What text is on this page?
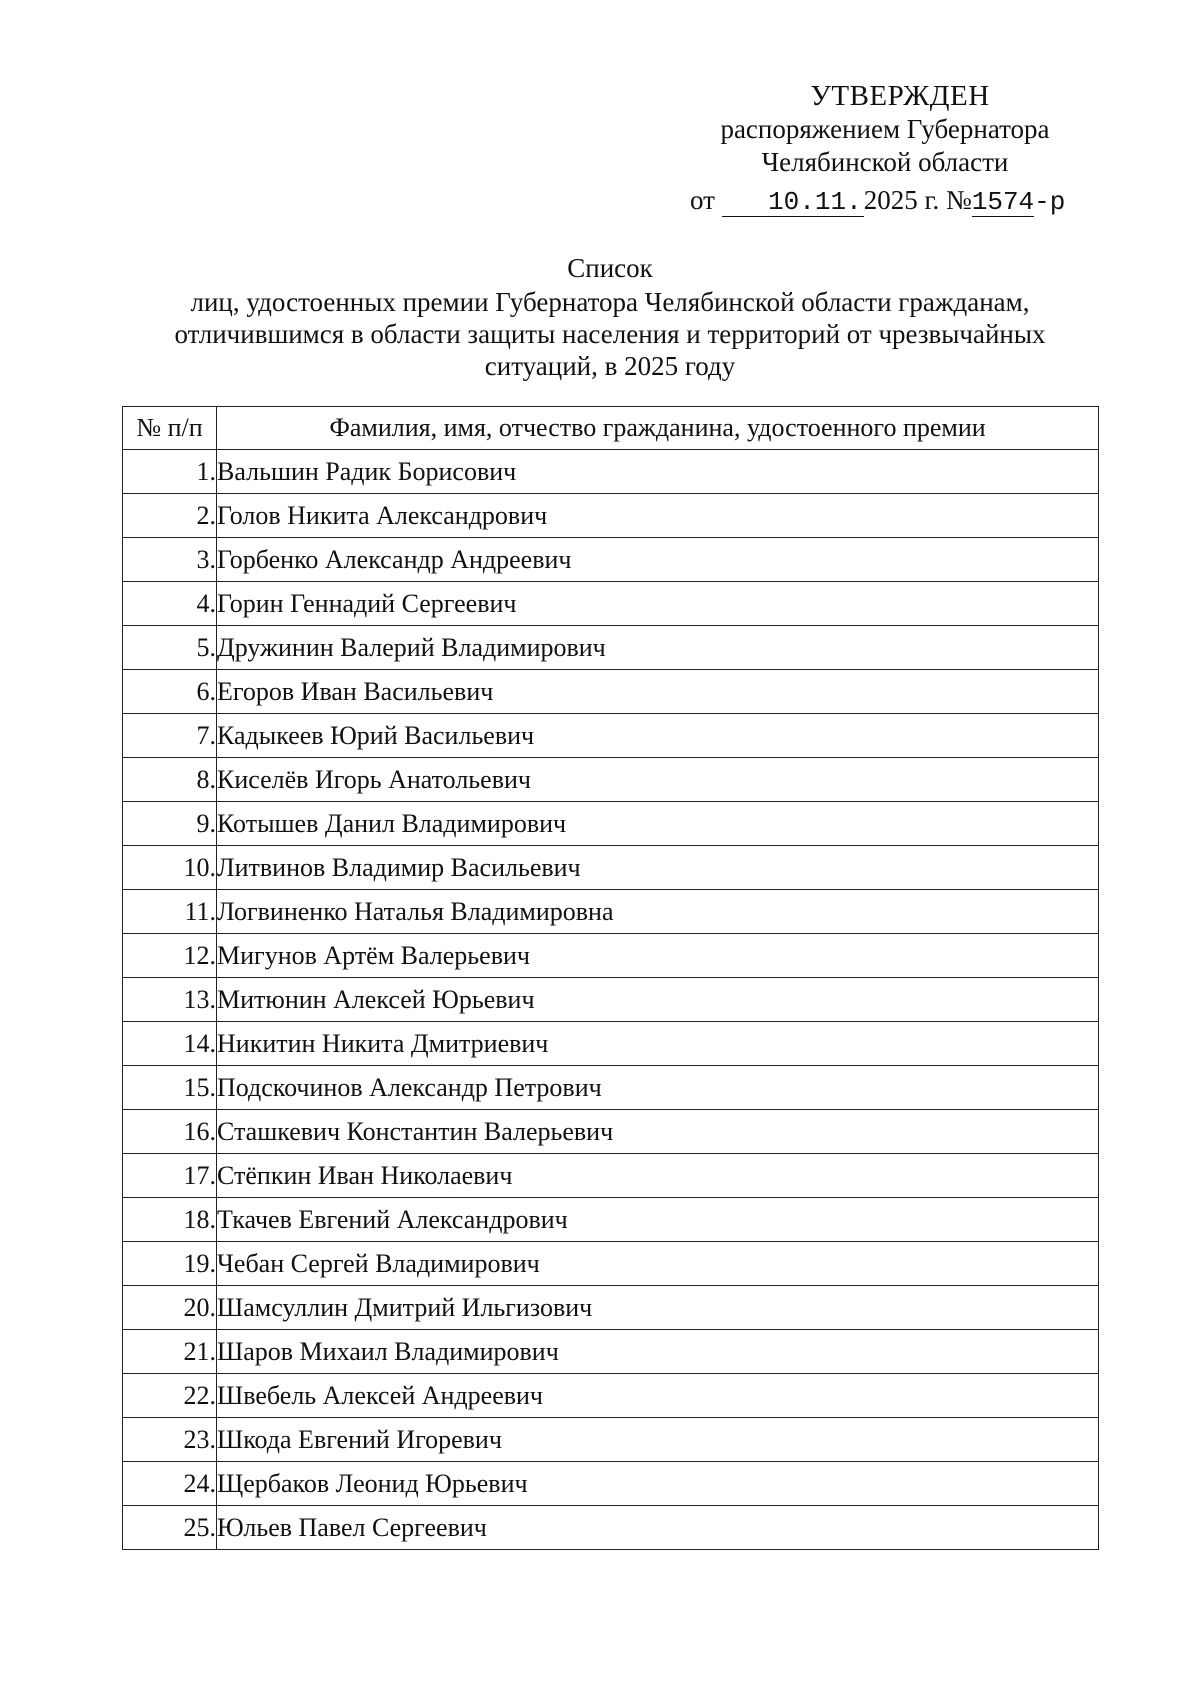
УТВЕРЖДЕН
распоряжением Губернатора
Челябинской области
от 10.11.2025 г. №1574-р
Список
лиц, удостоенных премии Губернатора Челябинской области гражданам,
отличившимся в области защиты населения и территорий от чрезвычайных
ситуаций, в 2025 году
№ п/п	Фамилия, имя, отчество гражданина, удостоенного премии
1.	Вальшин Радик Борисович
2.	Голов Никита Александрович
3.	Горбенко Александр Андреевич
4.	Горин Геннадий Сергеевич
5.	Дружинин Валерий Владимирович
6.	Егоров Иван Васильевич
7.	Кадыкеев Юрий Васильевич
8.	Киселёв Игорь Анатольевич
9.	Котышев Данил Владимирович
10.	Литвинов Владимир Васильевич
11.	Логвиненко Наталья Владимировна
12.	Мигунов Артём Валерьевич
13.	Митюнин Алексей Юрьевич
14.	Никитин Никита Дмитриевич
15.	Подскочинов Александр Петрович
16.	Сташкевич Константин Валерьевич
17.	Стёпкин Иван Николаевич
18.	Ткачев Евгений Александрович
19.	Чебан Сергей Владимирович
20.	Шамсуллин Дмитрий Ильгизович
21.	Шаров Михаил Владимирович
22.	Швебель Алексей Андреевич
23.	Шкода Евгений Игоревич
24.	Щербаков Леонид Юрьевич
25.	Юльев Павел Сергеевич
